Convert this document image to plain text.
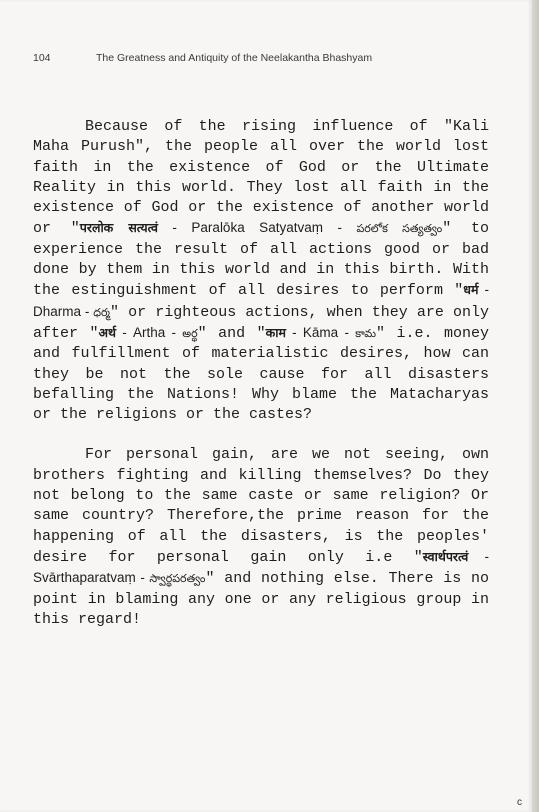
104	The Greatness and Antiquity of the Neelakantha Bhashyam

Because of the rising influence of "Kali Maha Purush", the people all over the world lost faith in the existence of God or the Ultimate Reality in this world. They lost all faith in the existence of God or the existence of another world or "परलोक सत्यत्वं - Paralōka Satyatvaṃ - పరలోక సత్యత్వం" to experience the result of all actions good or bad done by them in this world and in this birth. With the estinguishment of all desires to perform "धर्म - Dharma - ధర్మ" or righteous actions, when they are only after "अर्थ - Artha - అర్థ" and "काम - Kāma - కామ" i.e. money and fulfillment of materialistic desires, how can they be not the sole cause for all disasters befalling the Nations! Why blame the Matacharyas or the religions or the castes?

For personal gain, are we not seeing, own brothers fighting and killing themselves? Do they not belong to the same caste or same religion? Or same country? Therefore,the prime reason for the happening of all the disasters, is the peoples' desire for personal gain only i.e "स्वार्थपरत्वं - Svārthaparatvaṃ - స్వార్థపరత్వం" and nothing else. There is no point in blaming any one or any religious group in this regard!

c
